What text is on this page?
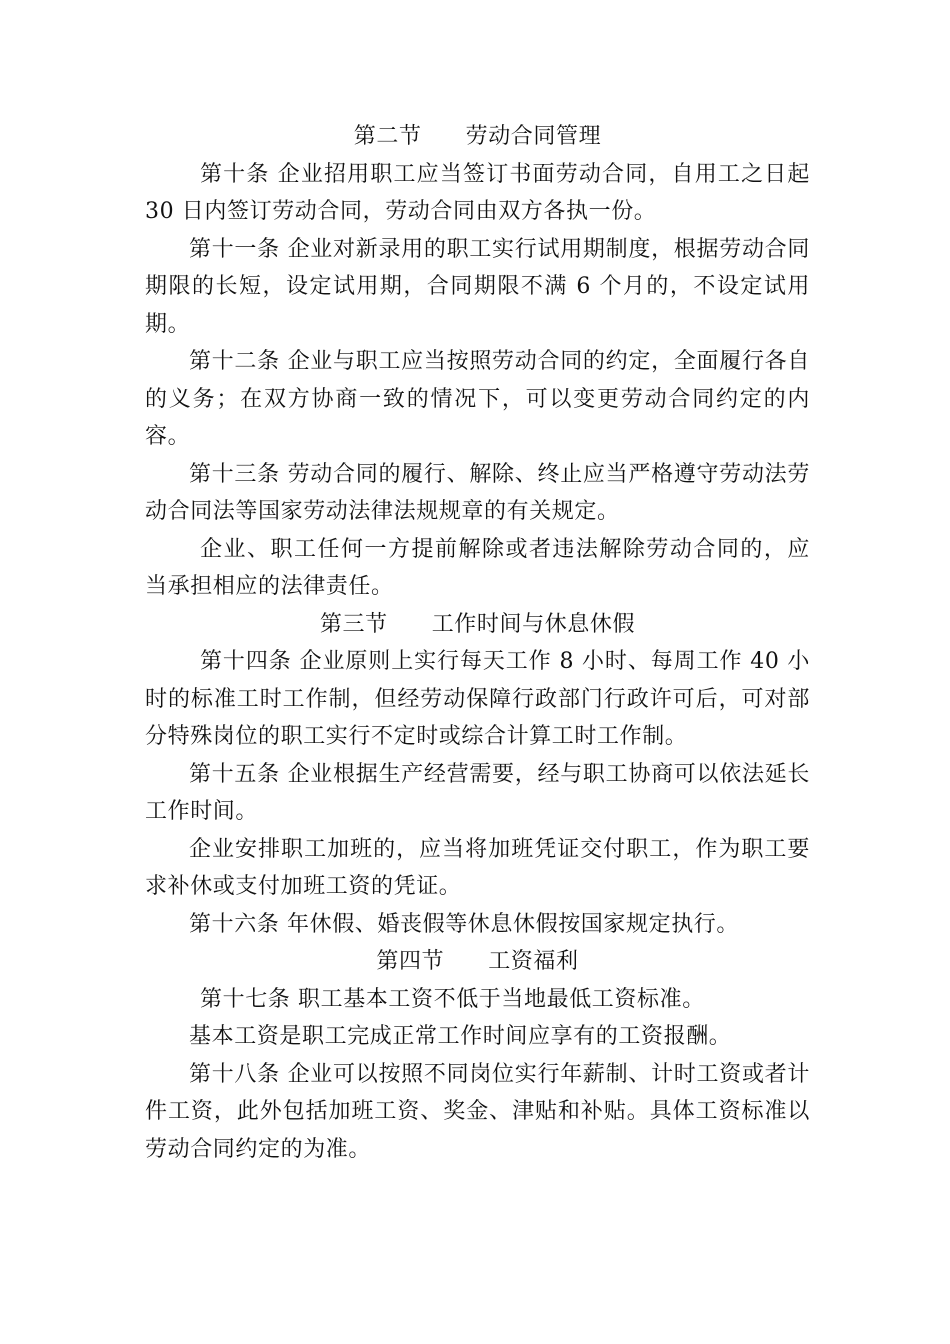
第二节 劳动合同管理

第十条 企业招用职工应当签订书面劳动合同，自用工之日起 30 日内签订劳动合同，劳动合同由双方各执一份。

第十一条 企业对新录用的职工实行试用期制度，根据劳动合同期限的长短，设定试用期，合同期限不满 6 个月的，不设定试用期。

第十二条 企业与职工应当按照劳动合同的约定，全面履行各自的义务；在双方协商一致的情况下，可以变更劳动合同约定的内容。

第十三条 劳动合同的履行、解除、终止应当严格遵守劳动法劳动合同法等国家劳动法律法规规章的有关规定。

企业、职工任何一方提前解除或者违法解除劳动合同的，应当承担相应的法律责任。

第三节 工作时间与休息休假

第十四条 企业原则上实行每天工作 8 小时、每周工作 40 小时的标准工时工作制，但经劳动保障行政部门行政许可后，可对部分特殊岗位的职工实行不定时或综合计算工时工作制。

第十五条 企业根据生产经营需要，经与职工协商可以依法延长工作时间。

企业安排职工加班的，应当将加班凭证交付职工，作为职工要求补休或支付加班工资的凭证。

第十六条 年休假、婚丧假等休息休假按国家规定执行。

第四节 工资福利

第十七条 职工基本工资不低于当地最低工资标准。

基本工资是职工完成正常工作时间应享有的工资报酬。

第十八条 企业可以按照不同岗位实行年薪制、计时工资或者计件工资，此外包括加班工资、奖金、津贴和补贴。具体工资标准以劳动合同约定的为准。
